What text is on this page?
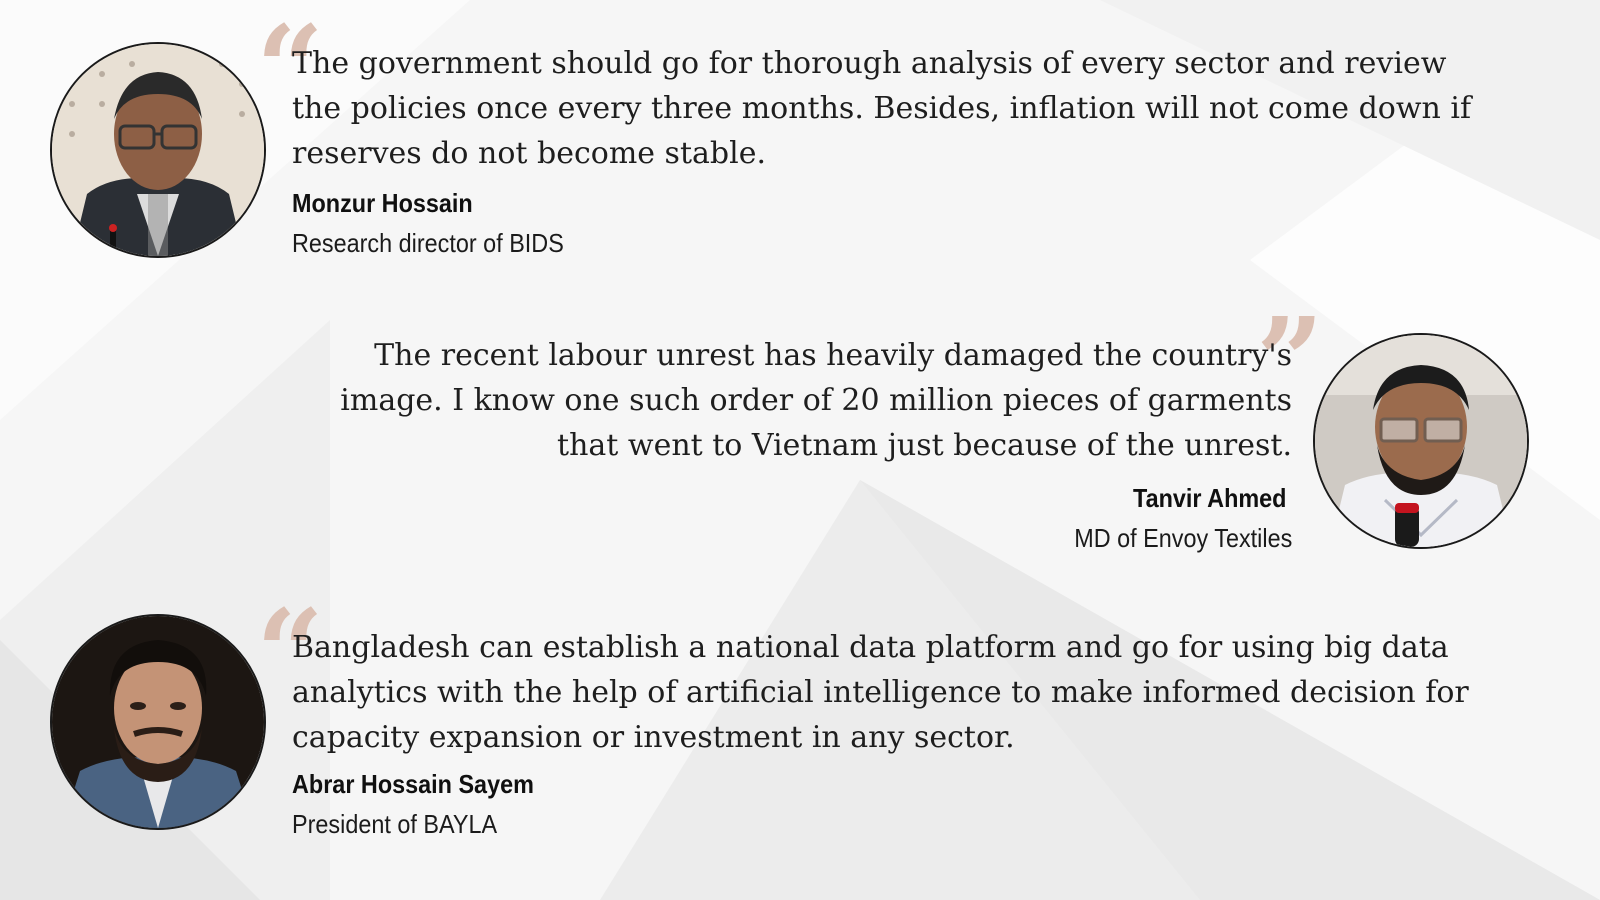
“

The government should go for thorough analysis of every sector and review the policies once every three months. Besides, inflation will not come down if reserves do not become stable.

Monzur Hossain
Research director of BIDS
”

The recent labour unrest has heavily damaged the country's image. I know one such order of 20 million pieces of garments that went to Vietnam just because of the unrest.

Tanvir Ahmed
MD of Envoy Textiles
“

Bangladesh can establish a national data platform and go for using big data analytics with the help of artificial intelligence to make informed decision for capacity expansion or investment in any sector.

Abrar Hossain Sayem
President of BAYLA
